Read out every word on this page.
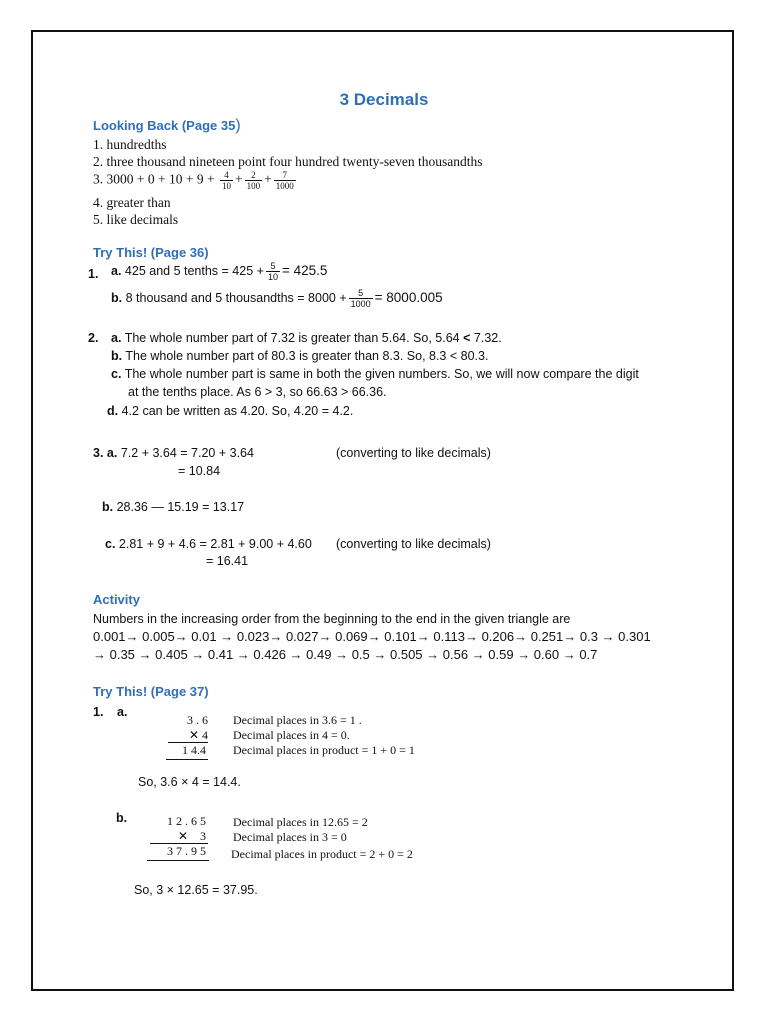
3 Decimals
Looking Back (Page 35)
1. hundredths
2. three thousand nineteen point four hundred twenty-seven thousandths
3. $3000 + 0 + 10 + 9 + \frac{4}{10} + \frac{2}{100} + \frac{7}{1000}$
4. greater than
5. like decimals
Try This! (Page 36)
1. a. 425 and 5 tenths = $425 + \frac{5}{10} = 425.5$
b. 8 thousand and 5 thousandths = $8000 + \frac{5}{1000} = 8000.005$
2. a. The whole number part of 7.32 is greater than 5.64. So, 5.64 < 7.32.
b. The whole number part of 80.3 is greater than 8.3. So, 8.3 < 80.3.
c. The whole number part is same in both the given numbers. So, we will now compare the digit
at the tenths place. As 6 > 3, so 66.63 > 66.36.
d. 4.2 can be written as 4.20. So, 4.20 = 4.2.
3. a. 7.2 + 3.64 = 7.20 + 3.64	(converting to like decimals)
= 10.84
b. 28.36 — 15.19 = 13.17
c. 2.81 + 9 + 4.6 = 2.81 + 9.00 + 4.60 (converting to like decimals)
= 16.41
Activity
Numbers in the increasing order from the beginning to the end in the given triangle are
0.001→ 0.005→ 0.01 → 0.023→ 0.027→ 0.069→ 0.101→ 0.113→ 0.206→ 0.251→ 0.3 → 0.301
→ 0.35 → 0.405 → 0.41 → 0.426 → 0.49 → 0.5 → 0.505 → 0.56 → 0.59 → 0.60 → 0.7
Try This! (Page 37)
1. a.
3 . 6
✕ 4
1 4.4
Decimal places in 3.6 = 1 .
Decimal places in 4 = 0.
Decimal places in product = 1 + 0 = 1
So, 3.6 × 4 = 14.4.
b.	1 2 . 6 5
✕    3
3 7 . 9 5
Decimal places in 12.65 = 2
Decimal places in 3 = 0
Decimal places in product = 2 + 0 = 2
So, 3 × 12.65 = 37.95.
